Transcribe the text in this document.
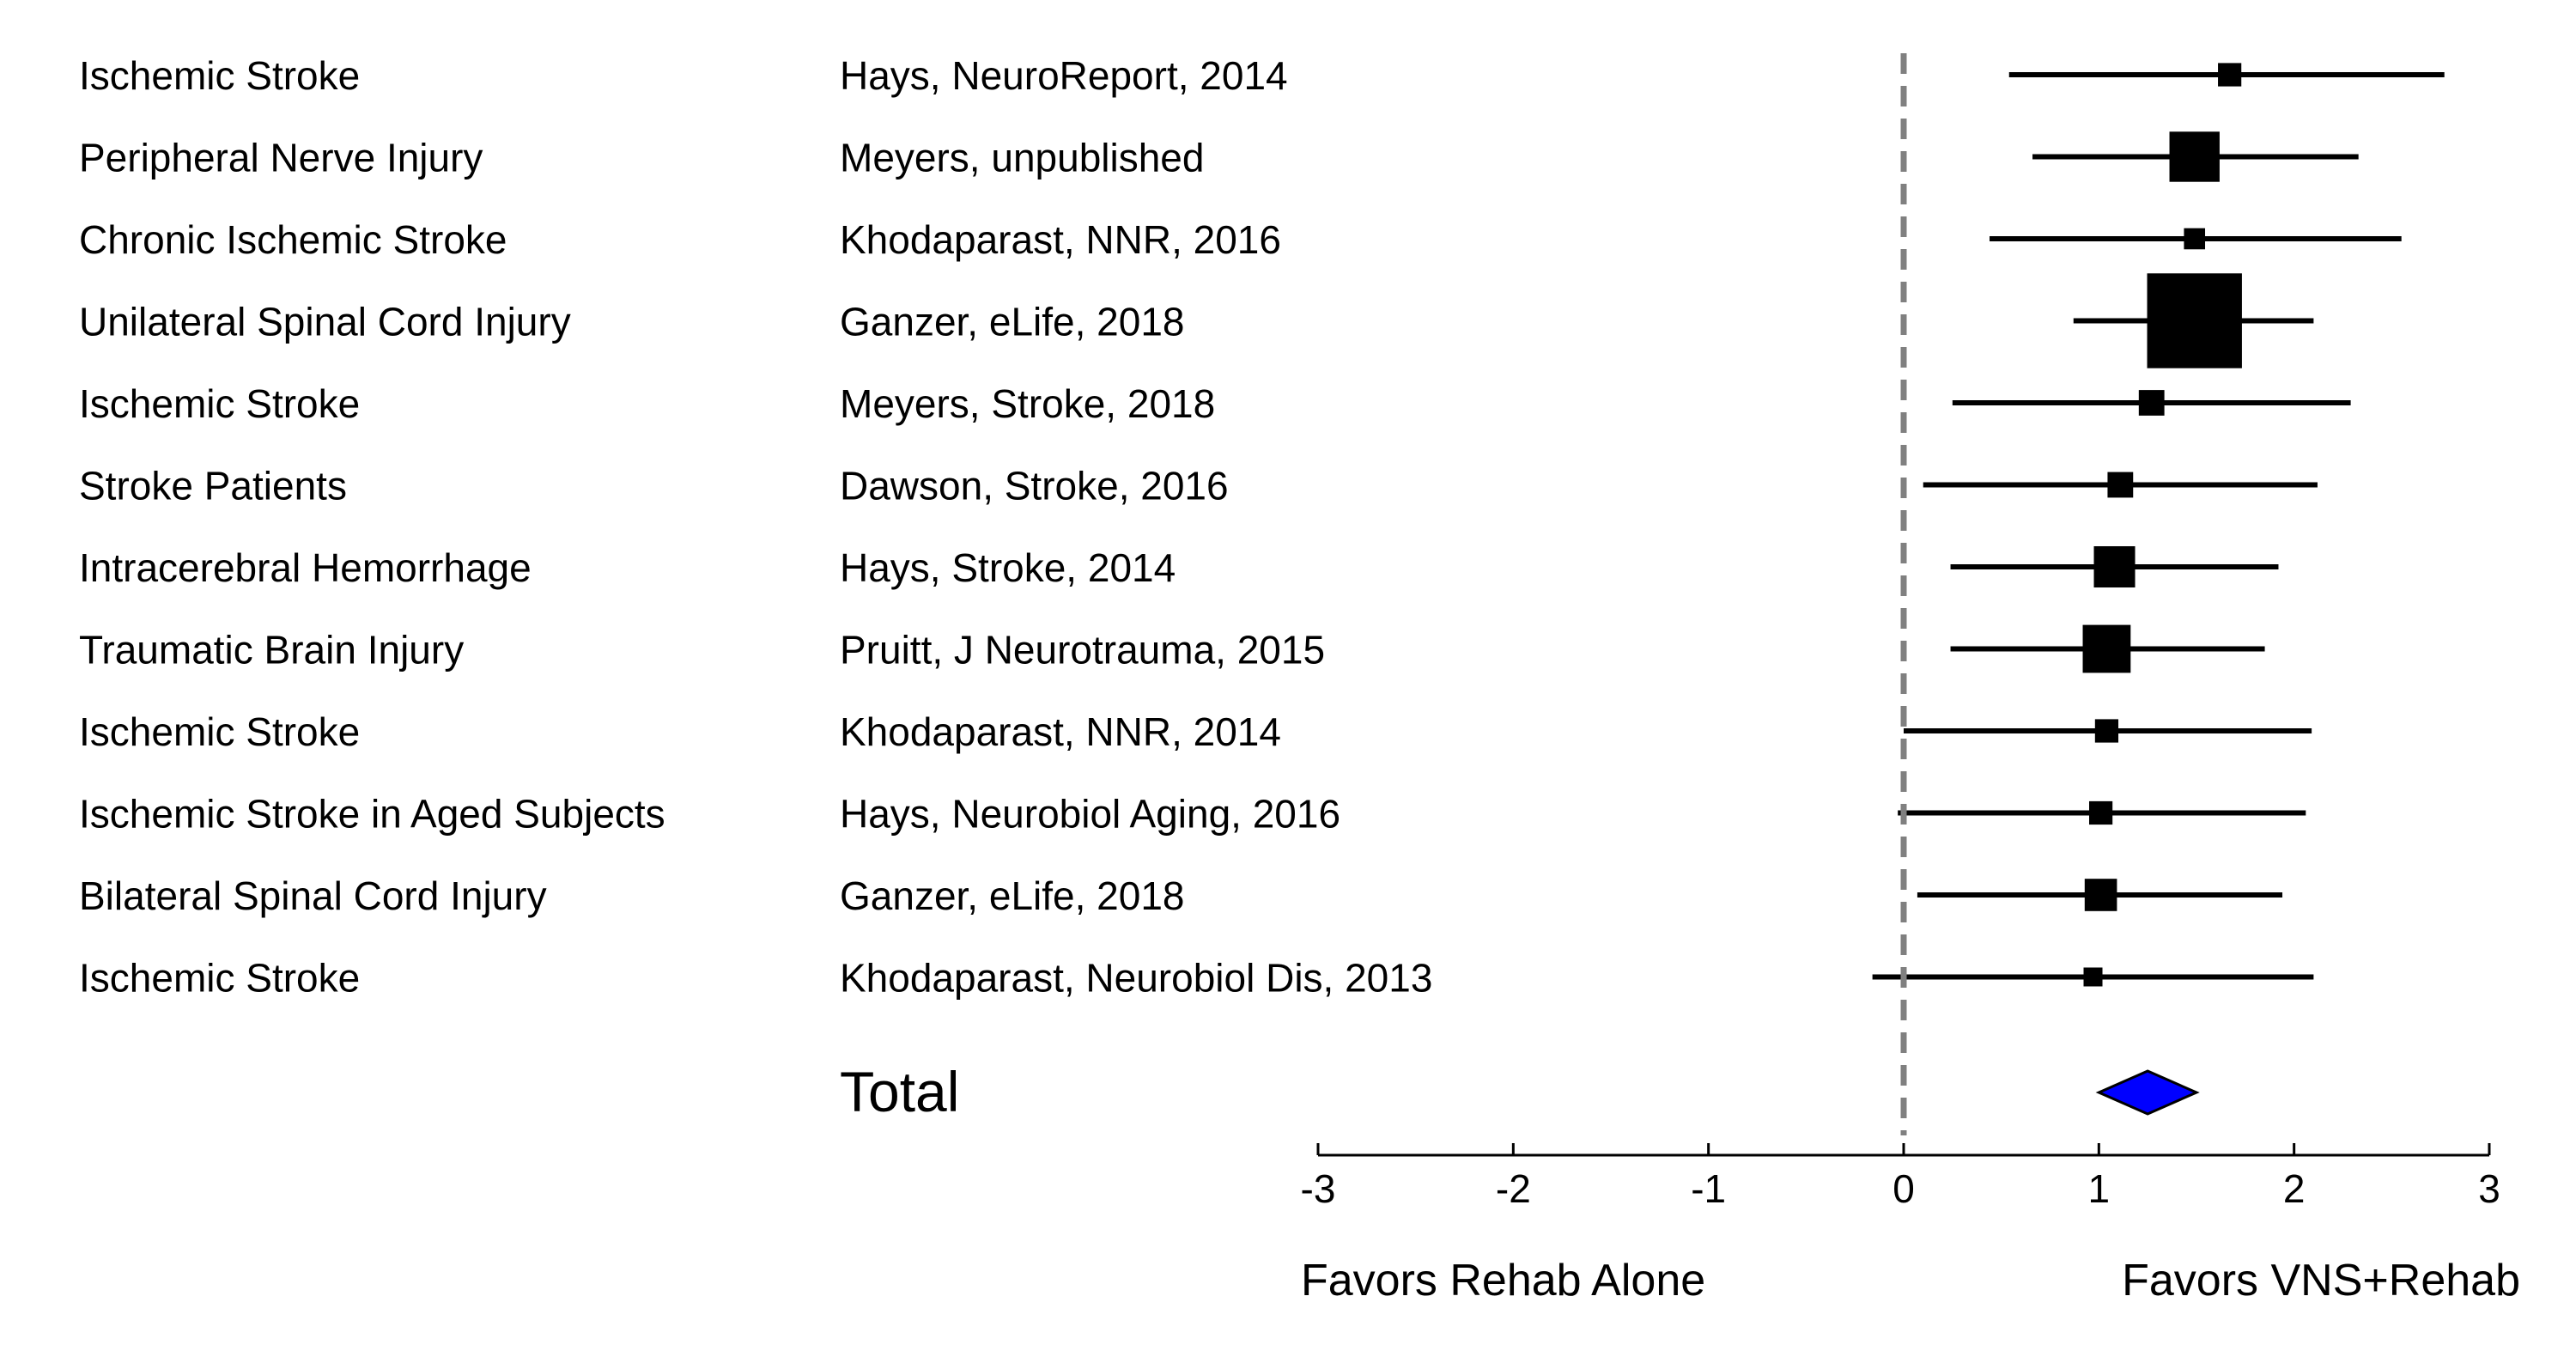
Ischemic Stroke	Hays, NeuroReport, 2014
Peripheral Nerve Injury	Meyers, unpublished
Chronic Ischemic Stroke	Khodaparast, NNR, 2016
Unilateral Spinal Cord Injury	Ganzer, eLife, 2018
Ischemic Stroke	Meyers, Stroke, 2018
Stroke Patients	Dawson, Stroke, 2016
Intracerebral Hemorrhage	Hays, Stroke, 2014
Traumatic Brain Injury	Pruitt, J Neurotrauma, 2015
Ischemic Stroke	Khodaparast, NNR, 2014
Ischemic Stroke in Aged Subjects	Hays, Neurobiol Aging, 2016
Bilateral Spinal Cord Injury	Ganzer, eLife, 2018
Ischemic Stroke	Khodaparast, Neurobiol Dis, 2013
Total
-3	-2	-1	0	1	2	3
Favors Rehab Alone	Favors VNS+Rehab
